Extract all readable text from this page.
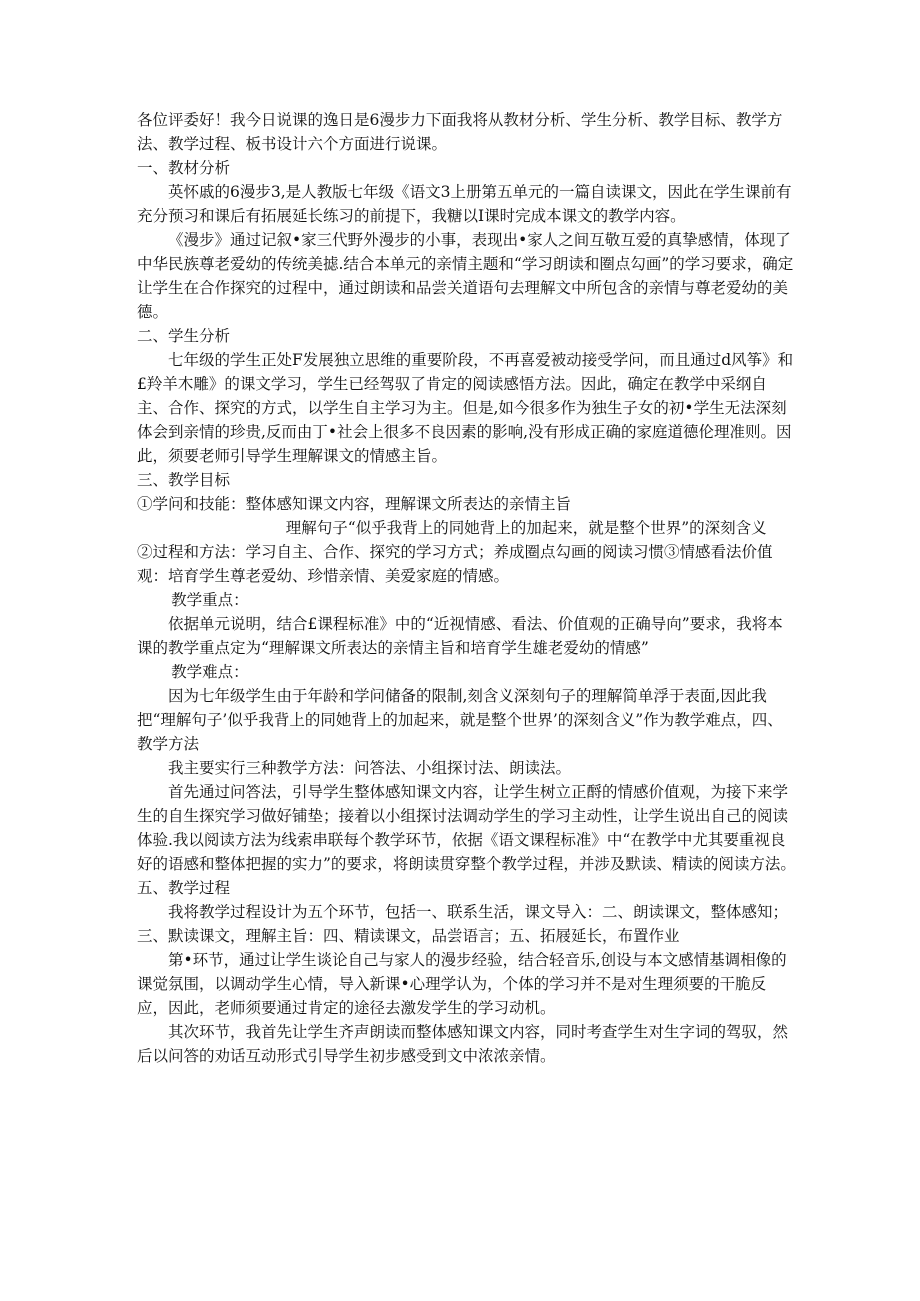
各位评委好！我今日说课的逸日是6漫步力下面我将从教材分析、学生分析、教学目标、教学方法、教学过程、板书设计六个方面进行说课。

一、教材分析

英怀戚的6漫步3,是人教版七年级《语文3上册第五单元的一篇自读课文，因此在学生课前有充分预习和课后有拓展延长练习的前提下，我糖以I课时完成本课文的教学内容。

《漫步》通过记叙•家三代野外漫步的小事，表现出•家人之间互敬互爱的真挚感情，体现了中华民族尊老爱幼的传统美摅.结合本单元的亲情主题和“学习朗读和圈点勾画”的学习要求，确定让学生在合作探究的过程中，通过朗读和品尝关道语句去理解文中所包含的亲情与尊老爱幼的美德。

二、学生分析

七年级的学生正处F发展独立思维的重要阶段，不再喜爱被动接受学问，而且通过d风筝》和£羚羊木雕》的课文学习，学生已经驾驭了肯定的阅读感悟方法。因此，确定在教学中采纲自主、合作、探究的方式，以学生自主学习为主。但是,如今很多作为独生子女的初•学生无法深刻体会到亲情的珍贵,反而由丁•社会上很多不良因素的影响,没有形成正确的家庭道德伦理准则。因此，须要老师引导学生理解课文的情感主旨。

三、教学目标

①学问和技能：整体感知课文内容，理解课文所表达的亲情主旨

理解句子“似乎我背上的同她背上的加起来，就是整个世界”的深刻含义

②过程和方法：学习自主、合作、探究的学习方式；养成圈点勾画的阅读习惯③情感看法价值观：培育学生尊老爱幼、珍惜亲情、美爱家庭的情感。

教学重点：

依据单元说明，结合£课程标准》中的“近视情感、看法、价值观的正确导向”要求，我将本课的教学重点定为“理解课文所表达的亲情主旨和培育学生雄老爱幼的情感”

教学难点：

因为七年级学生由于年龄和学问储备的限制,刻含义深刻句子的理解简单浮于表面,因此我把“理解句子’似乎我背上的同她背上的加起来，就是整个世界’的深刻含义”作为教学难点，四、教学方法

我主要实行三种教学方法：问答法、小组探讨法、朗读法。

首先通过问答法，引导学生整体感知课文内容，让学生树立正酹的情感价值观，为接下来学生的自生探究学习做好铺垫；接着以小组探讨法调动学生的学习主动性，让学生说出自己的阅读体验.我以阅读方法为线索串联每个教学环节，依据《语文课程标准》中“在教学中尤其要重视良好的语感和整体把握的实力”的要求，将朗读贯穿整个教学过程，并涉及默读、精读的阅读方法。

五、教学过程

我将教学过程设计为五个环节，包括一、联系生活，课文导入：二、朗读课文，整体感知；三、默读课文，理解主旨：四、精读课文，品尝语言；五、拓屐延长，布置作业

第•环节，通过让学生谈论自己与家人的漫步经验，结合轻音乐,创设与本文感情基调相像的课觉氛围，以调动学生心情，导入新课•心理学认为，个体的学习并不是对生理须要的干脆反应，因此，老师须要通过肯定的途径去激发学生的学习动机。

其次环节，我首先让学生齐声朗读而整体感知课文内容，同时考查学生对生字词的驾驭，然后以问答的劝话互动形式引导学生初步感受到文中浓浓亲情。
